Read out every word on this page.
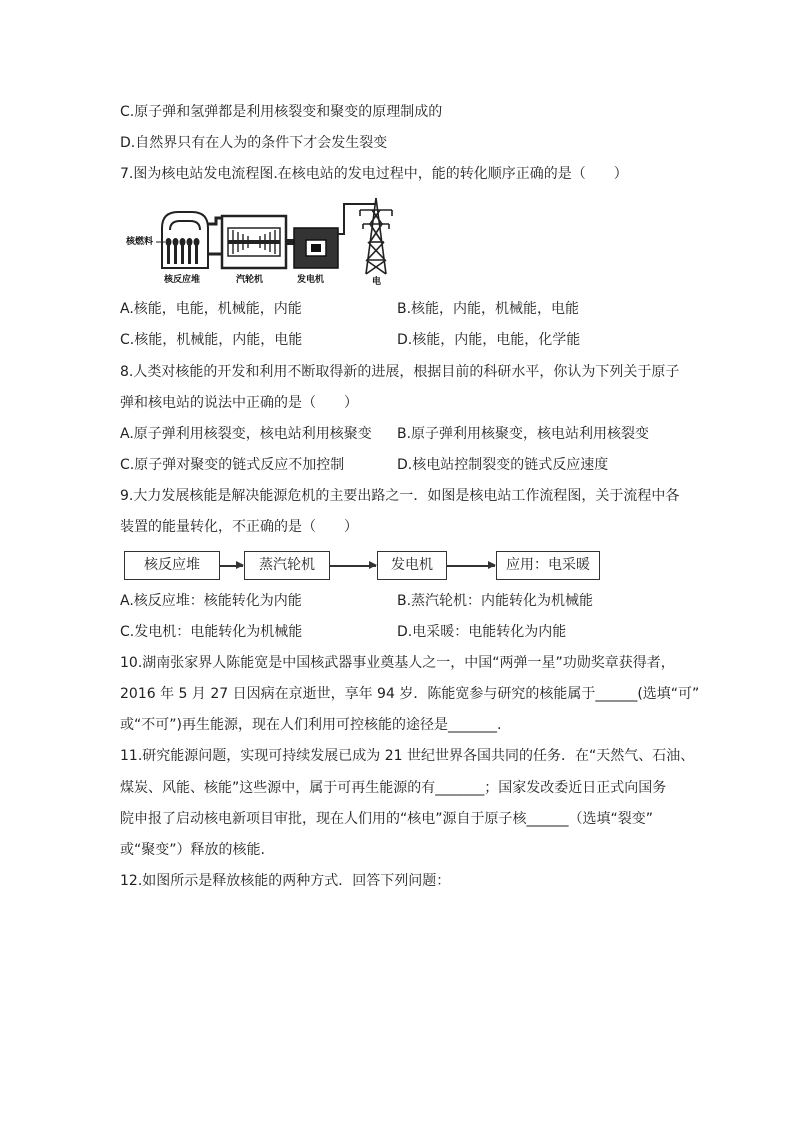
C.原子弹和氢弹都是利用核裂变和聚变的原理制成的
D.自然界只有在人为的条件下才会发生裂变
7.图为核电站发电流程图.在核电站的发电过程中，能的转化顺序正确的是（　　）
核燃料
核反应堆	汽轮机	发电机	电
A.核能，电能，机械能，内能	B.核能，内能，机械能，电能
C.核能，机械能，内能，电能	D.核能，内能，电能，化学能
8.人类对核能的开发和利用不断取得新的进展，根据目前的科研水平，你认为下列关于原子
弹和核电站的说法中正确的是（　　）
A.原子弹利用核裂变，核电站利用核聚变 B.原子弹利用核聚变，核电站利用核裂变
C.原子弹对聚变的链式反应不加控制	D.核电站控制裂变的链式反应速度
9.大力发展核能是解决能源危机的主要出路之一．如图是核电站工作流程图，关于流程中各
装置的能量转化，不正确的是（　　）
核反应堆	蒸汽轮机	发电机	应用：电采暖
A.核反应堆：核能转化为内能	B.蒸汽轮机：内能转化为机械能
C.发电机：电能转化为机械能	D.电采暖：电能转化为内能
10.湖南张家界人陈能宽是中国核武器事业奠基人之一，中国“两弹一星”功勋奖章获得者，
2016 年 5 月 27 日因病在京逝世，享年 94 岁．陈能宽参与研究的核能属于______(选填“可”
或“不可”)再生能源，现在人们利用可控核能的途径是_______.
11.研究能源问题，实现可持续发展已成为 21 世纪世界各国共同的任务．在“天然气、石油、
煤炭、风能、核能”这些源中，属于可再生能源的有_______；国家发改委近日正式向国务
院申报了启动核电新项目审批，现在人们用的“核电”源自于原子核______（选填“裂变”
或“聚变”）释放的核能.
12.如图所示是释放核能的两种方式．回答下列问题：
